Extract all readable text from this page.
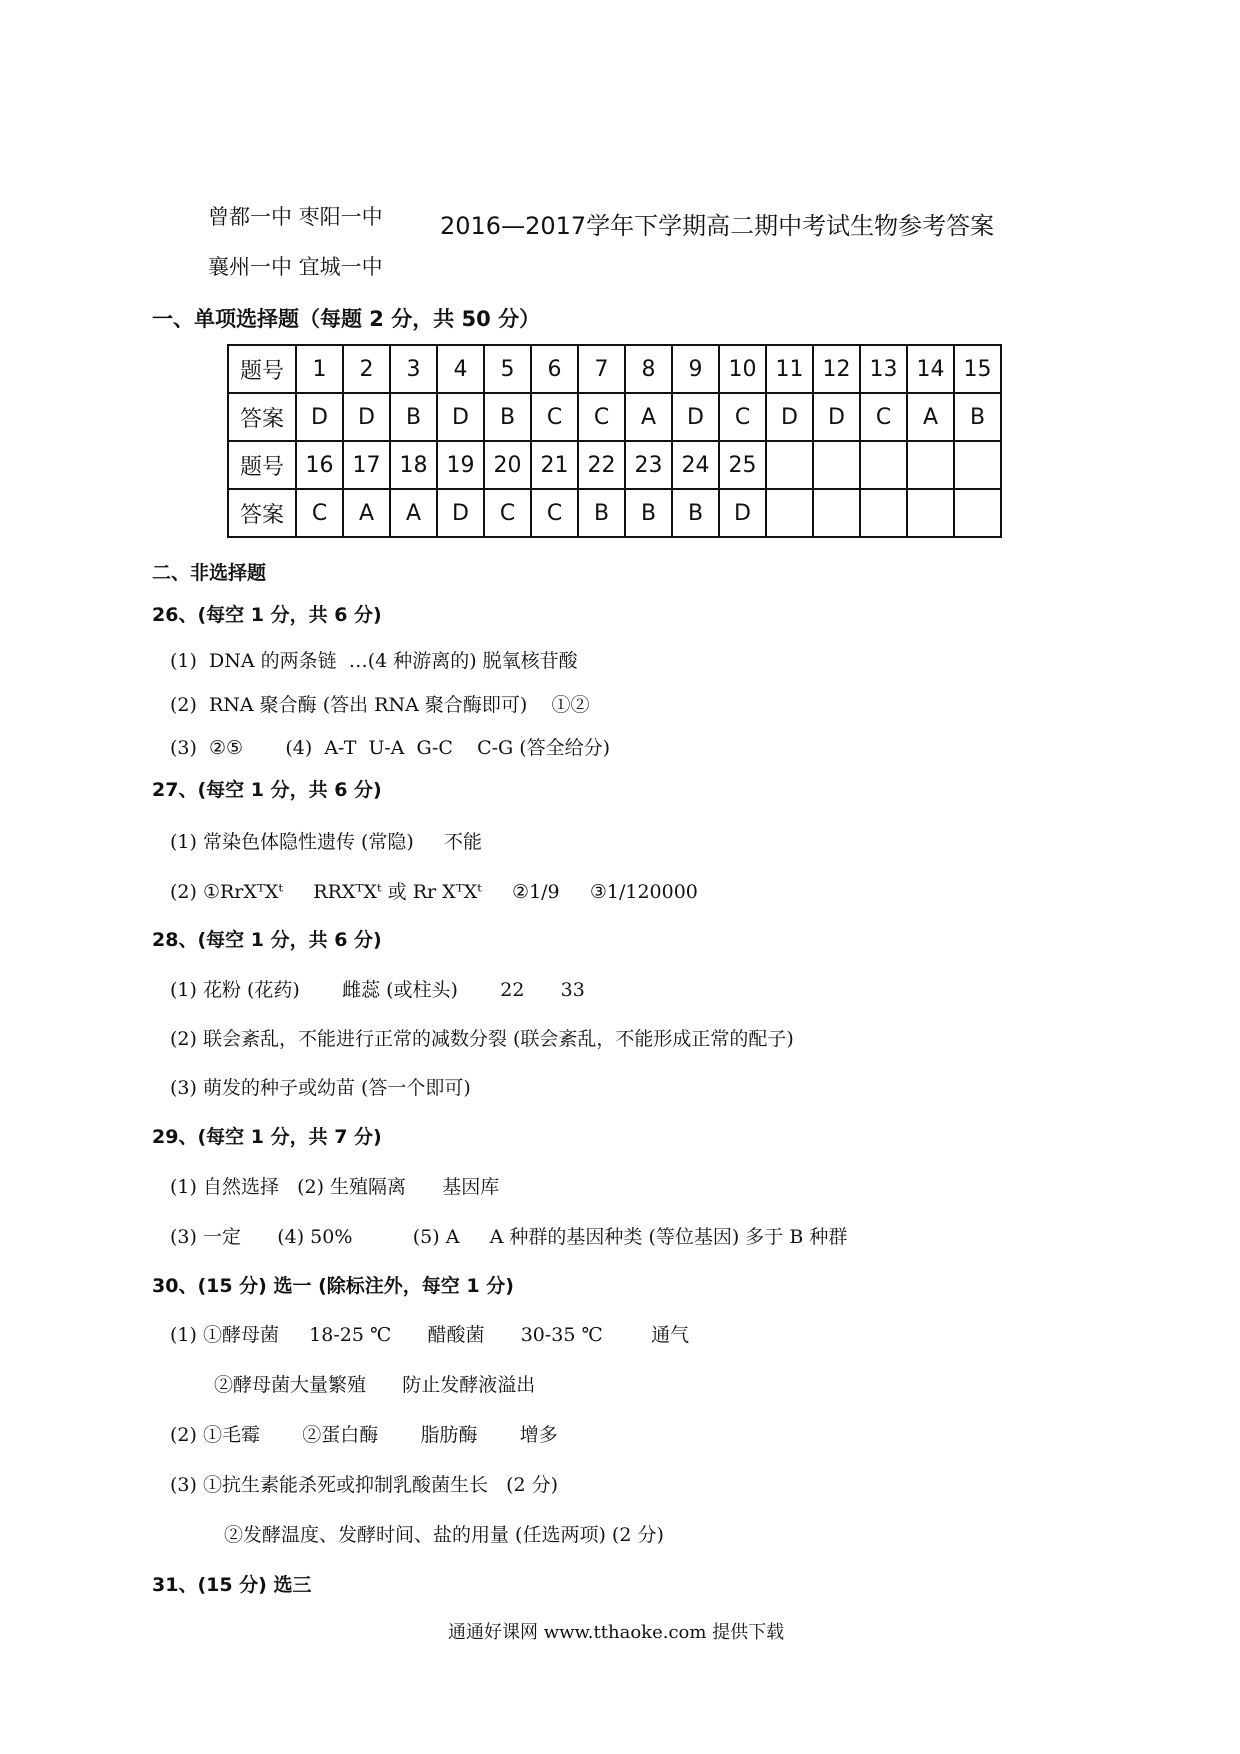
曾都一中 枣阳一中
襄州一中 宜城一中
2016—2017学年下学期高二期中考试生物参考答案
一、单项选择题（每题 2 分，共 50 分）
题号	1	2	3	4	5	6	7	8	9	10	11	12	13	14	15
答案	D	D	B	D	B	C	C	A	D	C	D	D	C	A	B
题号	16	17	18	19	20	21	22	23	24	25					
答案	C	A	A	D	C	C	B	B	B	D					
二、非选择题
26、(每空 1 分，共 6 分)
(1)  DNA 的两条链  …(4 种游离的) 脱氧核苷酸
(2)  RNA 聚合酶 (答出 RNA 聚合酶即可)    ①②
(3)  ②⑤       (4)  A-T  U-A  G-C    C-G (答全给分)
27、(每空 1 分，共 6 分)
(1) 常染色体隐性遗传 (常隐)     不能
(2) ①RrXᵀXᵗ     RRXᵀXᵗ 或 Rr XᵀXᵗ     ②1/9     ③1/120000
28、(每空 1 分，共 6 分)
(1) 花粉 (花药)       雌蕊 (或柱头)       22      33
(2) 联会紊乱，不能进行正常的减数分裂 (联会紊乱，不能形成正常的配子)
(3) 萌发的种子或幼苗 (答一个即可)
29、(每空 1 分，共 7 分)
(1) 自然选择   (2) 生殖隔离      基因库
(3) 一定      (4) 50%          (5) A     A 种群的基因种类 (等位基因) 多于 B 种群
30、(15 分) 选一 (除标注外，每空 1 分)
(1) ①酵母菌     18-25 ℃      醋酸菌      30-35 ℃        通气
②酵母菌大量繁殖      防止发酵液溢出
(2) ①毛霉       ②蛋白酶       脂肪酶       增多
(3) ①抗生素能杀死或抑制乳酸菌生长   (2 分)
②发酵温度、发酵时间、盐的用量 (任选两项) (2 分)
31、(15 分) 选三
通通好课网 www.tthaoke.com 提供下载
